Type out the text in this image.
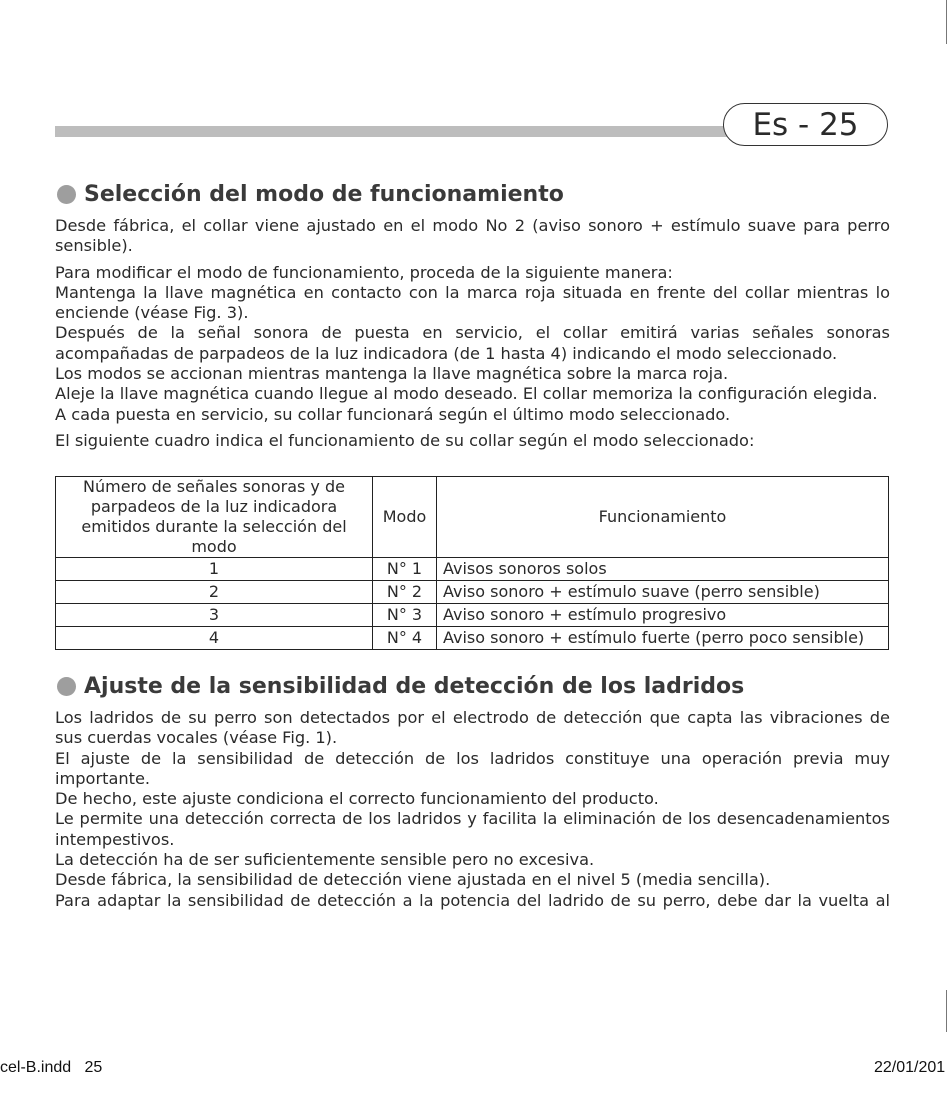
Es - 25
Selección del modo de funcionamiento

Desde fábrica, el collar viene ajustado en el modo No 2 (aviso sonoro + estímulo suave para perro sensible).

Para modificar el modo de funcionamiento, proceda de la siguiente manera:

Mantenga la llave magnética en contacto con la marca roja situada en frente del collar mientras lo enciende (véase Fig. 3).

Después de la señal sonora de puesta en servicio, el collar emitirá varias señales sonoras acompañadas de parpadeos de la luz indicadora (de 1 hasta 4) indicando el modo seleccionado.

Los modos se accionan mientras mantenga la llave magnética sobre la marca roja.

Aleje la llave magnética cuando llegue al modo deseado. El collar memoriza la configuración elegida.

A cada puesta en servicio, su collar funcionará según el último modo seleccionado.

El siguiente cuadro indica el funcionamiento de su collar según el modo seleccionado:

Número de señales sonoras y de parpadeos de la luz indicadora emitidos durante la selección del modo	Modo	Funcionamiento
1	N° 1	Avisos sonoros solos
2	N° 2	Aviso sonoro + estímulo suave (perro sensible)
3	N° 3	Aviso sonoro + estímulo progresivo
4	N° 4	Aviso sonoro + estímulo fuerte (perro poco sensible)
Ajuste de la sensibilidad de detección de los ladridos

Los ladridos de su perro son detectados por el electrodo de detección que capta las vibraciones de sus cuerdas vocales (véase Fig. 1).

El ajuste de la sensibilidad de detección de los ladridos constituye una operación previa muy importante.

De hecho, este ajuste condiciona el correcto funcionamiento del producto.

Le permite una detección correcta de los ladridos y facilita la eliminación de los desencadenamientos intempestivos.

La detección ha de ser suficientemente sensible pero no excesiva.

Desde fábrica, la sensibilidad de detección viene ajustada en el nivel 5 (media sencilla).

Para adaptar la sensibilidad de detección a la potencia del ladrido de su perro, debe dar la vuelta al

cel-B.indd   25	22/01/201
